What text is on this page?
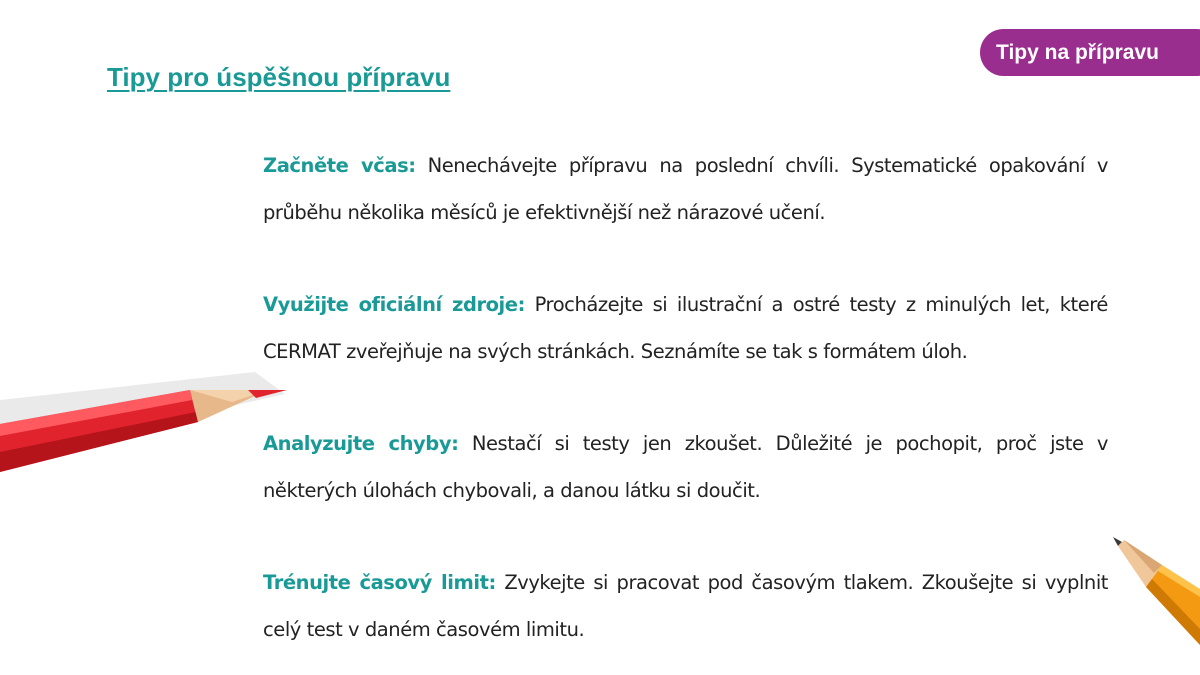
Tipy na přípravu
Tipy pro úspěšnou přípravu

Začněte včas: Nenechávejte přípravu na poslední chvíli. Systematické opakování v průběhu několika měsíců je efektivnější než nárazové učení.

Využijte oficiální zdroje: Procházejte si ilustrační a ostré testy z minulých let, které CERMAT zveřejňuje na svých stránkách. Seznámíte se tak s formátem úloh.

Analyzujte chyby: Nestačí si testy jen zkoušet. Důležité je pochopit, proč jste v některých úlohách chybovali, a danou látku si doučit.

Trénujte časový limit: Zvykejte si pracovat pod časovým tlakem. Zkoušejte si vyplnit celý test v daném časovém limitu.
